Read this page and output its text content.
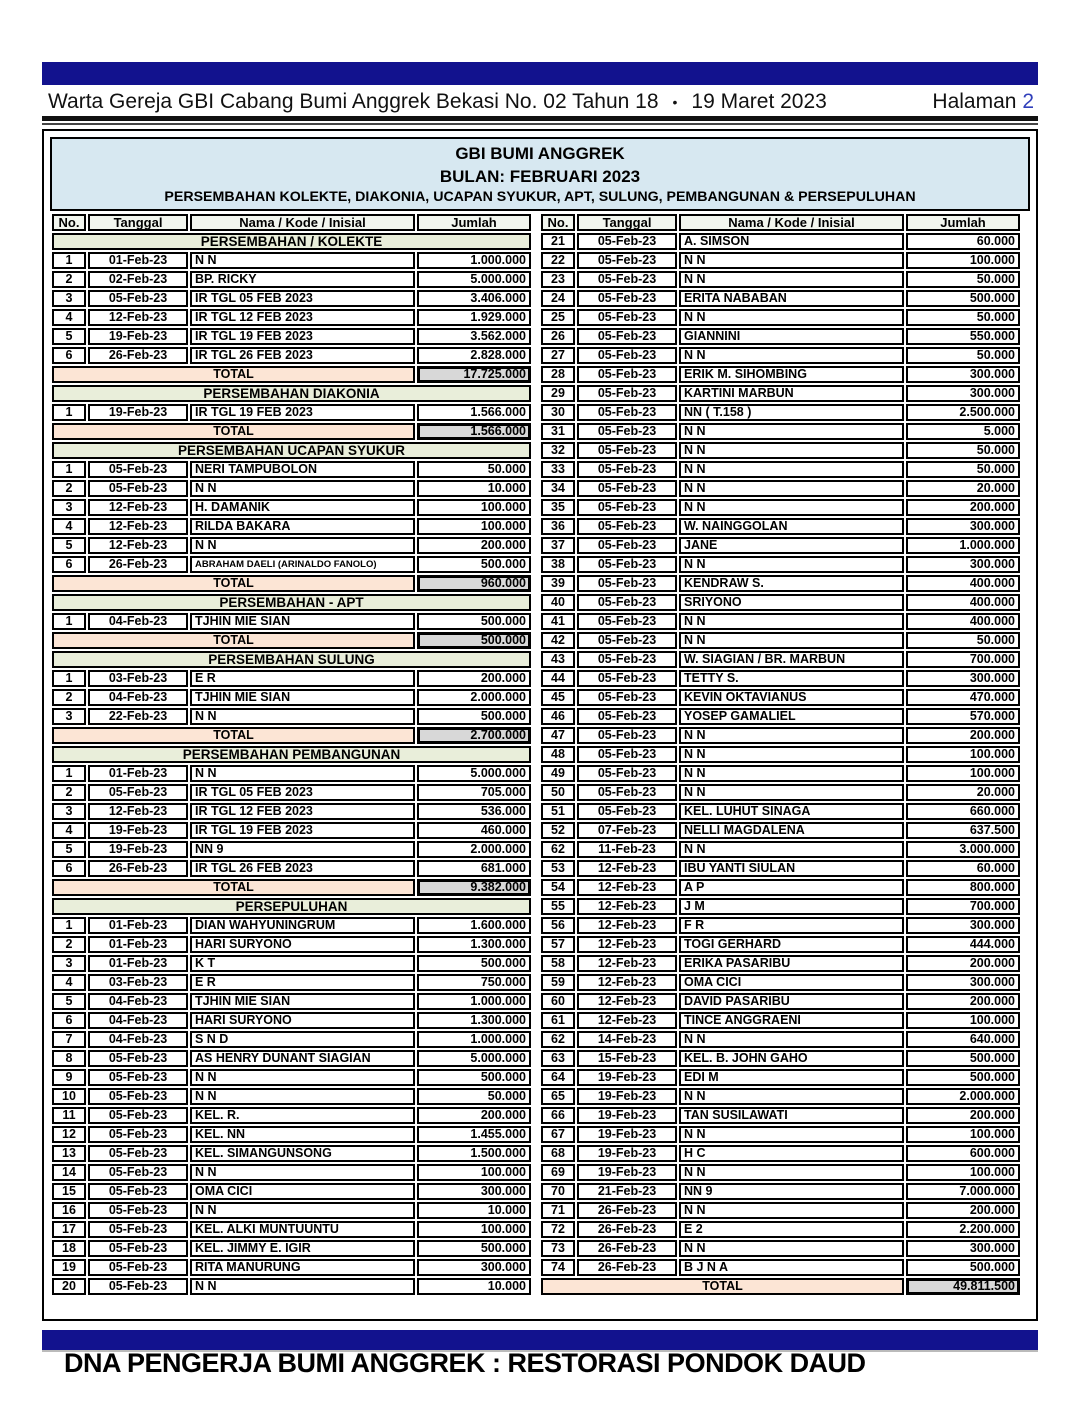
Warta Gereja GBI Cabang Bumi Anggrek Bekasi No. 02 Tahun 18 • 19 Maret 2023	Halaman 2
GBI BUMI ANGGREK
BULAN: FEBRUARI 2023
PERSEMBAHAN KOLEKTE, DIAKONIA, UCAPAN SYUKUR, APT, SULUNG, PEMBANGUNAN & PERSEPULUHAN
No.	Tanggal	Nama / Kode / Inisial	Jumlah
PERSEMBAHAN / KOLEKTE			
1	01-Feb-23	N N	1.000.000
2	02-Feb-23	BP. RICKY	5.000.000
3	05-Feb-23	IR TGL 05 FEB 2023	3.406.000
4	12-Feb-23	IR TGL 12 FEB 2023	1.929.000
5	19-Feb-23	IR TGL 19 FEB 2023	3.562.000
6	26-Feb-23	IR TGL 26 FEB 2023	2.828.000
TOTAL			17.725.000
PERSEMBAHAN DIAKONIA			
1	19-Feb-23	IR TGL 19 FEB 2023	1.566.000
TOTAL			1.566.000
PERSEMBAHAN UCAPAN SYUKUR			
1	05-Feb-23	NERI TAMPUBOLON	50.000
2	05-Feb-23	N N	10.000
3	12-Feb-23	H. DAMANIK	100.000
4	12-Feb-23	RILDA BAKARA	100.000
5	12-Feb-23	N N	200.000
6	26-Feb-23	ABRAHAM DAELI (ARINALDO FANOLO)	500.000
TOTAL			960.000
PERSEMBAHAN - APT			
1	04-Feb-23	TJHIN MIE SIAN	500.000
TOTAL			500.000
PERSEMBAHAN SULUNG			
1	03-Feb-23	E R	200.000
2	04-Feb-23	TJHIN MIE SIAN	2.000.000
3	22-Feb-23	N N	500.000
TOTAL			2.700.000
PERSEMBAHAN PEMBANGUNAN			
1	01-Feb-23	N N	5.000.000
2	05-Feb-23	IR TGL 05 FEB 2023	705.000
3	12-Feb-23	IR TGL 12 FEB 2023	536.000
4	19-Feb-23	IR TGL 19 FEB 2023	460.000
5	19-Feb-23	NN 9	2.000.000
6	26-Feb-23	IR TGL 26 FEB 2023	681.000
TOTAL			9.382.000
PERSEPULUHAN			
1	01-Feb-23	DIAN WAHYUNINGRUM	1.600.000
2	01-Feb-23	HARI SURYONO	1.300.000
3	01-Feb-23	K T	500.000
4	03-Feb-23	E R	750.000
5	04-Feb-23	TJHIN MIE SIAN	1.000.000
6	04-Feb-23	HARI SURYONO	1.300.000
7	04-Feb-23	S N D	1.000.000
8	05-Feb-23	AS HENRY DUNANT SIAGIAN	5.000.000
9	05-Feb-23	N N	500.000
10	05-Feb-23	N N	50.000
11	05-Feb-23	KEL. R.	200.000
12	05-Feb-23	KEL. NN	1.455.000
13	05-Feb-23	KEL. SIMANGUNSONG	1.500.000
14	05-Feb-23	N N	100.000
15	05-Feb-23	OMA CICI	300.000
16	05-Feb-23	N N	10.000
17	05-Feb-23	KEL. ALKI MUNTUUNTU	100.000
18	05-Feb-23	KEL. JIMMY E. IGIR	500.000
19	05-Feb-23	RITA MANURUNG	300.000
20	05-Feb-23	N N	10.000
No.	Tanggal	Nama / Kode / Inisial	Jumlah
21	05-Feb-23	A. SIMSON	60.000
22	05-Feb-23	N N	100.000
23	05-Feb-23	N N	50.000
24	05-Feb-23	ERITA NABABAN	500.000
25	05-Feb-23	N N	50.000
26	05-Feb-23	GIANNINI	550.000
27	05-Feb-23	N N	50.000
28	05-Feb-23	ERIK M. SIHOMBING	300.000
29	05-Feb-23	KARTINI MARBUN	300.000
30	05-Feb-23	NN ( T.158 )	2.500.000
31	05-Feb-23	N N	5.000
32	05-Feb-23	N N	50.000
33	05-Feb-23	N N	50.000
34	05-Feb-23	N N	20.000
35	05-Feb-23	N N	200.000
36	05-Feb-23	W. NAINGGOLAN	300.000
37	05-Feb-23	JANE	1.000.000
38	05-Feb-23	N N	300.000
39	05-Feb-23	KENDRAW S.	400.000
40	05-Feb-23	SRIYONO	400.000
41	05-Feb-23	N N	400.000
42	05-Feb-23	N N	50.000
43	05-Feb-23	W. SIAGIAN / BR. MARBUN	700.000
44	05-Feb-23	TETTY S.	300.000
45	05-Feb-23	KEVIN OKTAVIANUS	470.000
46	05-Feb-23	YOSEP GAMALIEL	570.000
47	05-Feb-23	N N	200.000
48	05-Feb-23	N N	100.000
49	05-Feb-23	N N	100.000
50	05-Feb-23	N N	20.000
51	05-Feb-23	KEL. LUHUT SINAGA	660.000
52	07-Feb-23	NELLI MAGDALENA	637.500
62	11-Feb-23	N N	3.000.000
53	12-Feb-23	IBU YANTI SIULAN	60.000
54	12-Feb-23	A P	800.000
55	12-Feb-23	J M	700.000
56	12-Feb-23	F R	300.000
57	12-Feb-23	TOGI GERHARD	444.000
58	12-Feb-23	ERIKA PASARIBU	200.000
59	12-Feb-23	OMA CICI	300.000
60	12-Feb-23	DAVID PASARIBU	200.000
61	12-Feb-23	TINCE ANGGRAENI	100.000
62	14-Feb-23	N N	640.000
63	15-Feb-23	KEL. B. JOHN GAHO	500.000
64	19-Feb-23	EDI M	500.000
65	19-Feb-23	N N	2.000.000
66	19-Feb-23	TAN SUSILAWATI	200.000
67	19-Feb-23	N N	100.000
68	19-Feb-23	H C	600.000
69	19-Feb-23	N N	100.000
70	21-Feb-23	NN 9	7.000.000
71	26-Feb-23	N N	200.000
72	26-Feb-23	E 2	2.200.000
73	26-Feb-23	N N	300.000
74	26-Feb-23	B J N A	500.000
TOTAL			49.811.500
DNA PENGERJA BUMI ANGGREK : RESTORASI PONDOK DAUD
